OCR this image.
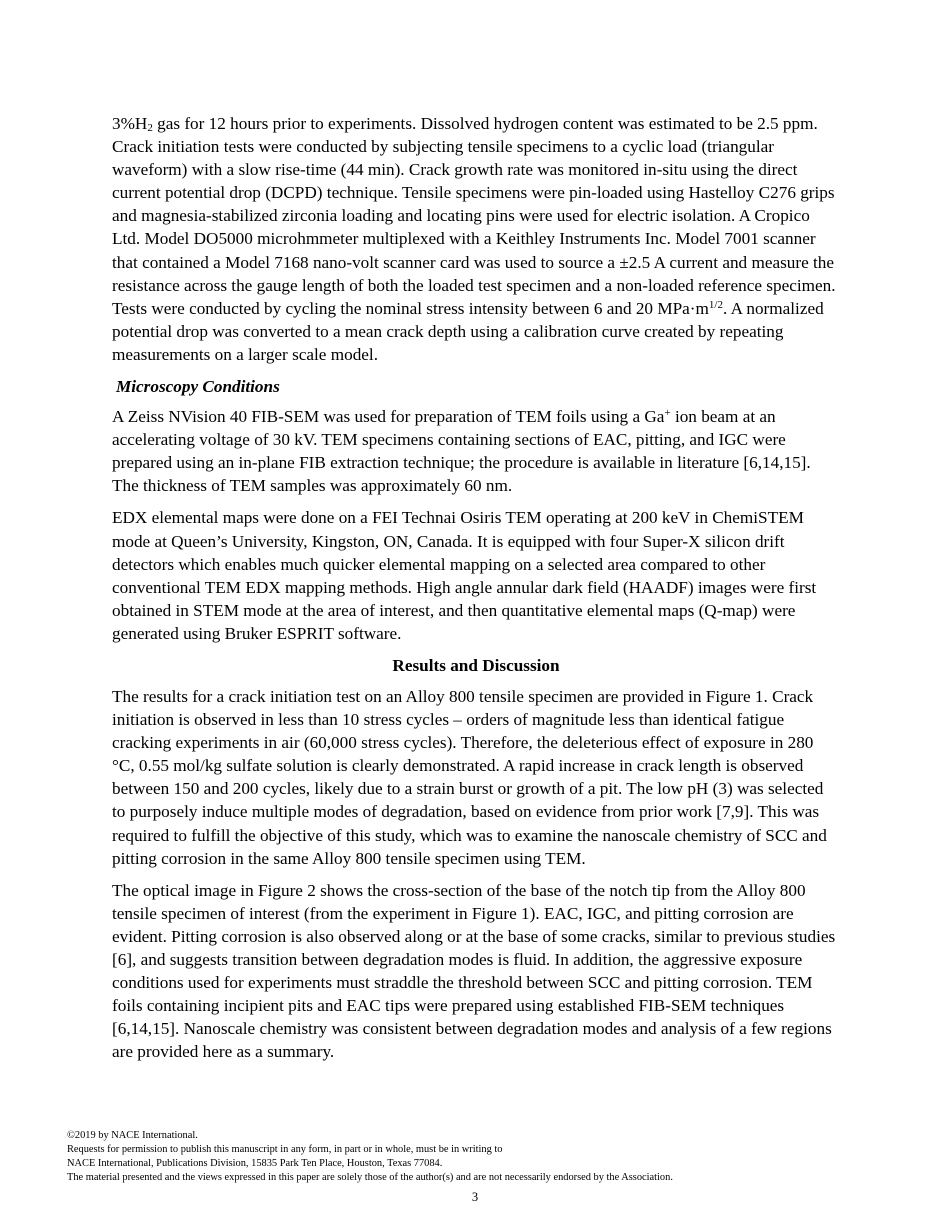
$3\%H_2$ gas for 12 hours prior to experiments. Dissolved hydrogen content was estimated to be 2.5 ppm. Crack initiation tests were conducted by subjecting tensile specimens to a cyclic load (triangular waveform) with a slow rise-time (44 min). Crack growth rate was monitored in-situ using the direct current potential drop (DCPD) technique. Tensile specimens were pin-loaded using Hastelloy C276 grips and magnesia-stabilized zirconia loading and locating pins were used for electric isolation. A Cropico Ltd. Model DO5000 microhmmeter multiplexed with a Keithley Instruments Inc. Model 7001 scanner that contained a Model 7168 nano-volt scanner card was used to source a ±2.5 A current and measure the resistance across the gauge length of both the loaded test specimen and a non-loaded reference specimen. Tests were conducted by cycling the nominal stress intensity between 6 and 20 $MPa\cdot m^{1/2}$. A normalized potential drop was converted to a mean crack depth using a calibration curve created by repeating measurements on a larger scale model.

Microscopy Conditions

A Zeiss NVision 40 FIB-SEM was used for preparation of TEM foils using a Ga+ ion beam at an accelerating voltage of 30 kV. TEM specimens containing sections of EAC, pitting, and IGC were prepared using an in-plane FIB extraction technique; the procedure is available in literature [6,14,15]. The thickness of TEM samples was approximately 60 nm.

EDX elemental maps were done on a FEI Technai Osiris TEM operating at 200 keV in ChemiSTEM mode at Queen’s University, Kingston, ON, Canada. It is equipped with four Super-X silicon drift detectors which enables much quicker elemental mapping on a selected area compared to other conventional TEM EDX mapping methods. High angle annular dark field (HAADF) images were first obtained in STEM mode at the area of interest, and then quantitative elemental maps (Q-map) were generated using Bruker ESPRIT software.

Results and Discussion

The results for a crack initiation test on an Alloy 800 tensile specimen are provided in Figure 1. Crack initiation is observed in less than 10 stress cycles – orders of magnitude less than identical fatigue cracking experiments in air (60,000 stress cycles). Therefore, the deleterious effect of exposure in 280 °C, 0.55 mol/kg sulfate solution is clearly demonstrated. A rapid increase in crack length is observed between 150 and 200 cycles, likely due to a strain burst or growth of a pit. The low pH (3) was selected to purposely induce multiple modes of degradation, based on evidence from prior work [7,9]. This was required to fulfill the objective of this study, which was to examine the nanoscale chemistry of SCC and pitting corrosion in the same Alloy 800 tensile specimen using TEM.

The optical image in Figure 2 shows the cross-section of the base of the notch tip from the Alloy 800 tensile specimen of interest (from the experiment in Figure 1). EAC, IGC, and pitting corrosion are evident. Pitting corrosion is also observed along or at the base of some cracks, similar to previous studies [6], and suggests transition between degradation modes is fluid. In addition, the aggressive exposure conditions used for experiments must straddle the threshold between SCC and pitting corrosion. TEM foils containing incipient pits and EAC tips were prepared using established FIB-SEM techniques [6,14,15]. Nanoscale chemistry was consistent between degradation modes and analysis of a few regions are provided here as a summary.

©2019 by NACE International.
Requests for permission to publish this manuscript in any form, in part or in whole, must be in writing to
NACE International, Publications Division, 15835 Park Ten Place, Houston, Texas 77084.
The material presented and the views expressed in this paper are solely those of the author(s) and are not necessarily endorsed by the Association.
3
